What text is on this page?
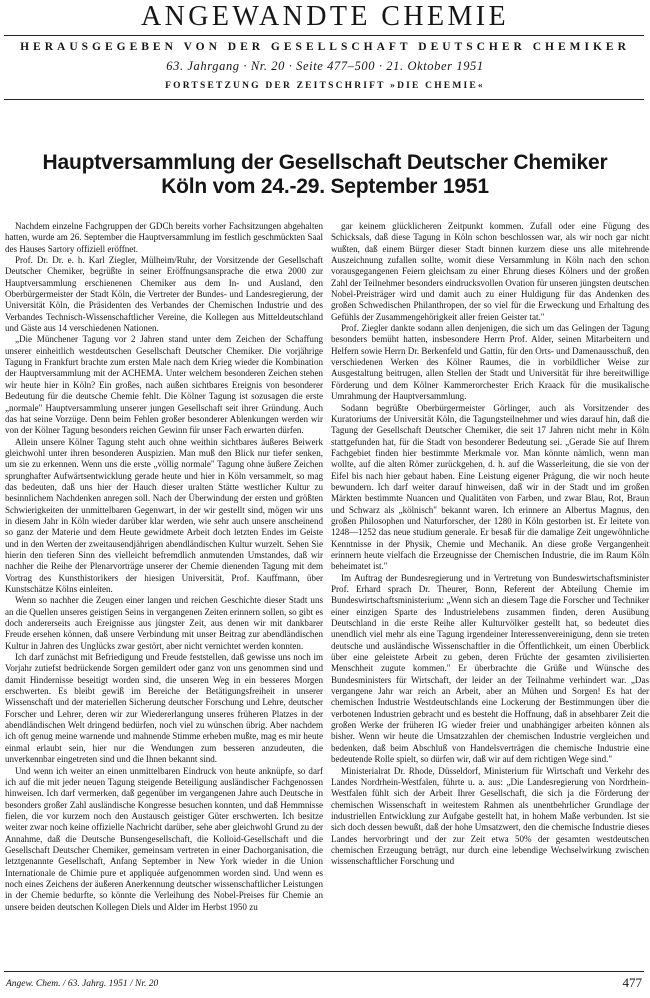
ANGEWANDTE CHEMIE
HERAUSGEGEBEN VON DER GESELLSCHAFT DEUTSCHER CHEMIKER
63. Jahrgang · Nr. 20 · Seite 477–500 · 21. Oktober 1951
FORTSETZUNG DER ZEITSCHRIFT »DIE CHEMIE«
Hauptversammlung der Gesellschaft Deutscher Chemiker
Köln vom 24.-29. September 1951

Nachdem einzelne Fachgruppen der GDCh bereits vorher Fachsitzungen abgehalten hatten, wurde am 26. September die Hauptversammlung im festlich geschmückten Saal des Hauses Sartory offiziell eröffnet.

Prof. Dr. Dr. e. h. Karl Ziegler, Mülheim/Ruhr, der Vorsitzende der Gesellschaft Deutscher Chemiker, begrüßte in seiner Eröffnungsansprache die etwa 2000 zur Hauptversammlung erschienenen Chemiker aus dem In- und Ausland, den Oberbürgermeister der Stadt Köln, die Vertreter der Bundes- und Landesregierung, der Universität Köln, die Präsidenten des Verbandes der Chemischen Industrie und des Verbandes Technisch-Wissenschaftlicher Vereine, die Kollegen aus Mitteldeutschland und Gäste aus 14 verschiedenen Nationen.

„Die Münchener Tagung vor 2 Jahren stand unter dem Zeichen der Schaffung unserer einheitlich westdeutschen Gesellschaft Deutscher Chemiker. Die vorjährige Tagung in Frankfurt brachte zum ersten Male nach dem Krieg wieder die Kombination der Hauptversammlung mit der ACHEMA. Unter welchem besonderen Zeichen stehen wir heute hier in Köln? Ein großes, nach außen sichtbares Ereignis von besonderer Bedeutung für die deutsche Chemie fehlt. Die Kölner Tagung ist sozusagen die erste „normale" Hauptversammlung unserer jungen Gesellschaft seit ihrer Gründung. Auch das hat seine Vorzüge. Denn beim Fehlen großer besonderer Ablenkungen werden wir von der Kölner Tagung besonders reichen Gewinn für unser Fach erwarten dürfen.

Allein unsere Kölner Tagung steht auch ohne weithin sichtbares äußeres Beiwerk gleichwohl unter ihren besonderen Auspizien. Man muß den Blick nur tiefer senken, um sie zu erkennen. Wenn uns die erste „völlig normale" Tagung ohne äußere Zeichen sprunghafter Aufwärtsentwicklung gerade heute und hier in Köln versammelt, so mag das bedeuten, daß uns hier der Hauch dieser uralten Stätte westlicher Kultur zu besinnlichem Nachdenken anregen soll. Nach der Überwindung der ersten und größten Schwierigkeiten der unmittelbaren Gegenwart, in der wir gestellt sind, mögen wir uns in diesem Jahr in Köln wieder darüber klar werden, wie sehr auch unsere anscheinend so ganz der Materie und dem Heute gewidmete Arbeit doch letzten Endes im Geiste und in den Werten der zweitausendjährigen abendländischen Kultur wurzelt. Sehen Sie hierin den tieferen Sinn des vielleicht befremdlich anmutenden Umstandes, daß wir nachher die Reihe der Plenarvorträge unserer der Chemie dienenden Tagung mit dem Vortrag des Kunsthistorikers der hiesigen Universität, Prof. Kauffmann, über Kunstschätze Kölns einleiten.

Wenn so nachher die Zeugen einer langen und reichen Geschichte dieser Stadt uns an die Quellen unseres geistigen Seins in vergangenen Zeiten erinnern sollen, so gibt es doch andererseits auch Ereignisse aus jüngster Zeit, aus denen wir mit dankbarer Freude ersehen können, daß unsere Verbindung mit unser Beitrag zur abendländischen Kultur in Jahren des Unglücks zwar gestört, aber nicht vernichtet werden konnten.

Ich darf zunächst mit Befriedigung und Freude feststellen, daß gewisse uns noch im Vorjahr zutiefst bedrückende Sorgen gemildert oder ganz von uns genommen sind und damit Hindernisse beseitigt worden sind, die unseren Weg in ein besseres Morgen erschwerten. Es bleibt gewiß im Bereiche der Betätigungsfreiheit in unserer Wissenschaft und der materiellen Sicherung deutscher Forschung und Lehre, deutscher Forscher und Lehrer, deren wir zur Wiedererlangung unseres früheren Platzes in der abendländischen Welt dringend bedürfen, noch viel zu wünschen übrig. Aber nachdem ich oft genug meine warnende und mahnende Stimme erheben mußte, mag es mir heute einmal erlaubt sein, hier nur die Wendungen zum besseren anzudeuten, die unverkennbar eingetreten sind und die Ihnen bekannt sind.

Und wenn ich weiter an einen unmittelbaren Eindruck von heute anknüpfe, so darf ich auf die mit jeder neuen Tagung steigende Beteiligung ausländischer Fachgenossen hinweisen. Ich darf vermerken, daß gegenüber im vergangenen Jahre auch Deutsche in besonders großer Zahl ausländische Kongresse besuchen konnten, und daß Hemmnisse fielen, die vor kurzem noch den Austausch geistiger Güter erschwerten. Ich besitze weiter zwar noch keine offizielle Nachricht darüber, sehe aber gleichwohl Grund zu der Annahme, daß die Deutsche Bunsengesellschaft, die Kolloid-Gesellschaft und die Gesellschaft Deutscher Chemiker, gemeinsam vertreten in einer Dachorganisation, die letztgenannte Gesellschaft, Anfang September in New York wieder in die Union Internationale de Chimie pure et appliquée aufgenommen worden sind. Und wenn es noch eines Zeichens der äußeren Anerkennung deutscher wissenschaftlicher Leistungen in der Chemie bedurfte, so könnte die Verleihung des Nobel-Preises für Chemie an unsere beiden deutschen Kollegen Diels und Alder im Herbst 1950 zu

gar keinem glücklicheren Zeitpunkt kommen. Zufall oder eine Fügung des Schicksals, daß diese Tagung in Köln schon beschlossen war, als wir noch gar nicht wußten, daß einem Bürger dieser Stadt binnen kurzem diese uns alle mitehrende Auszeichnung zufallen sollte, womit diese Versammlung in Köln nach den schon vorausgegangenen Feiern gleichsam zu einer Ehrung dieses Kölners und der großen Zahl der Teilnehmer besonders eindrucksvollen Ovation für unseren jüngsten deutschen Nobel-Preisträger wird und damit auch zu einer Huldigung für das Andenken des großen Schwedischen Philanthropen, der so viel für die Erweckung und Erhaltung des Gefühls der Zusammengehörigkeit aller freien Geister tat."

Prof. Ziegler dankte sodann allen denjenigen, die sich um das Gelingen der Tagung besonders bemüht hatten, insbesondere Herrn Prof. Alder, seinen Mitarbeitern und Helfern sowie Herrn Dr. Berkenfeld und Gattin, für den Orts- und Damenausschuß, den verschiedenen Werken des Kölner Raumes, die in vorbildlicher Weise zur Ausgestaltung beitrugen, allen Stellen der Stadt und Universität für ihre bereitwillige Förderung und dem Kölner Kammerorchester Erich Kraack für die musikalische Umrahmung der Hauptversammlung.

Sodann begrüßte Oberbürgermeister Görlinger, auch als Vorsitzender des Kuratoriums der Universität Köln, die Tagungsteilnehmer und wies darauf hin, daß die Tagung der Gesellschaft Deutscher Chemiker, die seit 17 Jahren nicht mehr in Köln stattgefunden hat, für die Stadt von besonderer Bedeutung sei. „Gerade Sie auf Ihrem Fachgebiet finden hier bestimmte Merkmale vor. Man könnte nämlich, wenn man wollte, auf die alten Römer zurückgehen, d. h. auf die Wasserleitung, die sie von der Eifel bis nach hier gebaut haben. Eine Leistung eigener Prägung, die wir noch heute bewundern. Ich darf weiter darauf hinweisen, daß wir in der Stadt und im großen Märkten bestimmte Nuancen und Qualitäten von Farben, und zwar Blau, Rot, Braun und Schwarz als „kölnisch" bekannt waren. Ich erinnere an Albertus Magnus, den großen Philosophen und Naturforscher, der 1280 in Köln gestorben ist. Er leitete von 1248—1252 das neue studium generale. Er besaß für die damalige Zeit ungewöhnliche Kenntnisse in der Physik, Chemie und Mechanik. An diese große Vergangenheit erinnern heute vielfach die Erzeugnisse der Chemischen Industrie, die im Raum Köln beheimatet ist."

Im Auftrag der Bundesregierung und in Vertretung von Bundeswirtschaftsminister Prof. Erhard sprach Dr. Theurer, Bonn, Referent der Abteilung Chemie im Bundeswirtschaftsministerium: „Wenn sich an diesem Tage die Forscher und Techniker einer einzigen Sparte des Industrielebens zusammen finden, deren Ausübung Deutschland in die erste Reihe aller Kulturvölker gestellt hat, so bedeutet dies unendlich viel mehr als eine Tagung irgendeiner Interessenvereinigung, denn sie treten deutsche und ausländische Wissenschaftler in die Öffentlichkeit, um einen Überblick über eine geleistete Arbeit zu geben, deren Früchte der gesamten zivilisierten Menschheit zugute kommen." Er überbrachte die Grüße und Wünsche des Bundesministers für Wirtschaft, der leider an der Teilnahme verhindert war. „Das vergangene Jahr war reich an Arbeit, aber an Mühen und Sorgen! Es hat der chemischen Industrie Westdeutschlands eine Lockerung der Bestimmungen über die verbotenen Industrien gebracht und es besteht die Hoffnung, daß in absehbarer Zeit die großen Werke der früheren IG wieder freier und unabhängiger arbeiten können als bisher. Wenn wir heute die Umsatzzahlen der chemischen Industrie vergleichen und bedenken, daß beim Abschluß von Handelsverträgen die chemische Industrie eine bedeutende Rolle spielt, so dürfen wir, daß wir auf dem richtigen Wege sind."

Ministerialrat Dr. Rhode, Düsseldorf, Ministerium für Wirtschaft und Verkehr des Landes Nordrhein-Westfalen, führte u. a. aus: „Die Landesregierung von Nordrhein-Westfalen fühlt sich der Arbeit Ihrer Gesellschaft, die sich ja die Förderung der chemischen Wissenschaft in weitestem Rahmen als unentbehrlicher Grundlage der industriellen Entwicklung zur Aufgabe gestellt hat, in hohem Maße verbunden. Ist sie sich doch dessen bewußt, daß der hohe Umsatzwert, den die chemische Industrie dieses Landes hervorbringt und der zur Zeit etwa 50% der gesamten westdeutschen chemischen Erzeugung beträgt, nur durch eine lebendige Wechselwirkung zwischen wissenschaftlicher Forschung und

Angew. Chem. / 63. Jahrg. 1951 / Nr. 20	477
